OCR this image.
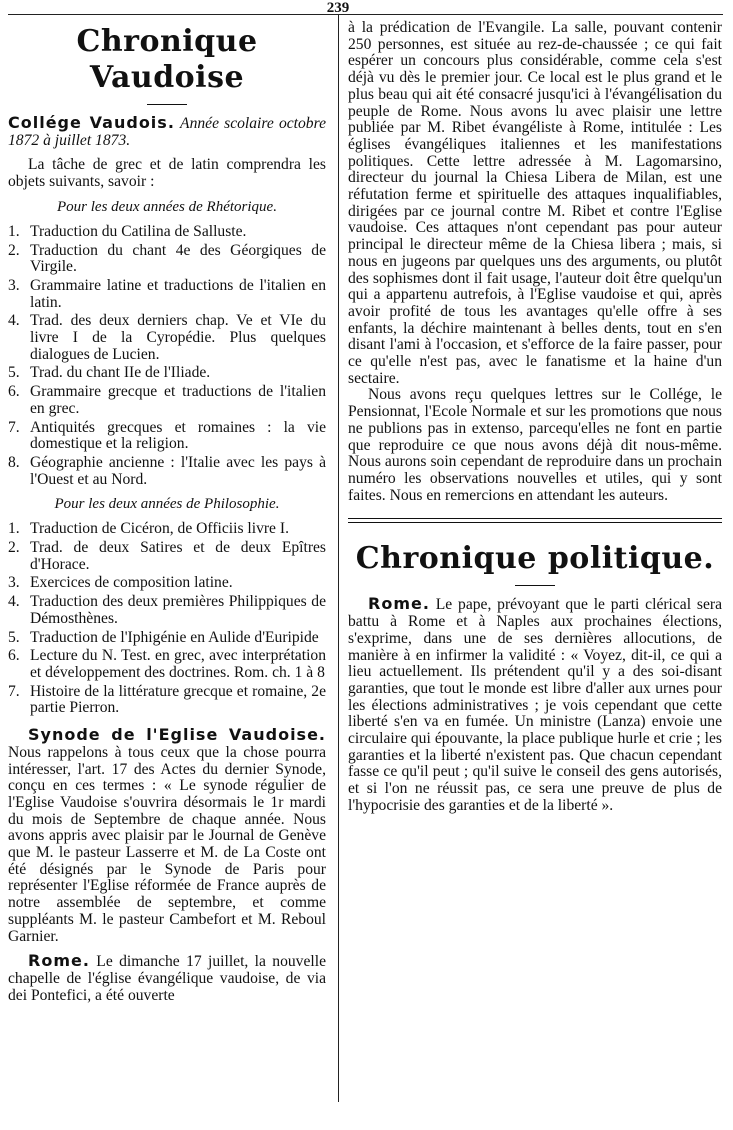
239
Chronique Vaudoise

Collége Vaudois. Année scolaire octobre 1872 à juillet 1873.

La tâche de grec et de latin comprendra les objets suivants, savoir :

Pour les deux années de Rhétorique.
1. Traduction du Catilina de Salluste.
2. Traduction du chant 4e des Géorgiques de Virgile.
3. Grammaire latine et traductions de l'italien en latin.
4. Trad. des deux derniers chap. Ve et VIe du livre I de la Cyropédie. Plus quelques dialogues de Lucien.
5. Trad. du chant IIe de l'Iliade.
6. Grammaire grecque et traductions de l'italien en grec.
7. Antiquités grecques et romaines : la vie domestique et la religion.
8. Géographie ancienne : l'Italie avec les pays à l'Ouest et au Nord.
Pour les deux années de Philosophie.
1. Traduction de Cicéron, de Officiis livre I.
2. Trad. de deux Satires et de deux Epîtres d'Horace.
3. Exercices de composition latine.
4. Traduction des deux premières Philippiques de Démosthènes.
5. Traduction de l'Iphigénie en Aulide d'Euripide
6. Lecture du N. Test. en grec, avec interprétation et développement des doctrines. Rom. ch. 1 à 8
7. Histoire de la littérature grecque et romaine, 2e partie Pierron.

Synode de l'Eglise Vaudoise. Nous rappelons à tous ceux que la chose pourra intéresser, l'art. 17 des Actes du dernier Synode, conçu en ces termes : « Le synode régulier de l'Eglise Vaudoise s'ouvrira désormais le 1r mardi du mois de Septembre de chaque année. Nous avons appris avec plaisir par le Journal de Genève que M. le pasteur Lasserre et M. de La Coste ont été désignés par le Synode de Paris pour représenter l'Eglise réformée de France auprès de notre assemblée de septembre, et comme suppléants M. le pasteur Cambefort et M. Reboul Garnier.

Rome. Le dimanche 17 juillet, la nouvelle chapelle de l'église évangélique vaudoise, de via dei Pontefici, a été ouverte

à la prédication de l'Evangile. La salle, pouvant contenir 250 personnes, est située au rez-de-chaussée ; ce qui fait espérer un concours plus considérable, comme cela s'est déjà vu dès le premier jour. Ce local est le plus grand et le plus beau qui ait été consacré jusqu'ici à l'évangélisation du peuple de Rome. Nous avons lu avec plaisir une lettre publiée par M. Ribet évangéliste à Rome, intitulée : Les églises évangéliques italiennes et les manifestations politiques. Cette lettre adressée à M. Lagomarsino, directeur du journal la Chiesa Libera de Milan, est une réfutation ferme et spirituelle des attaques inqualifiables, dirigées par ce journal contre M. Ribet et contre l'Eglise vaudoise. Ces attaques n'ont cependant pas pour auteur principal le directeur même de la Chiesa libera ; mais, si nous en jugeons par quelques uns des arguments, ou plutôt des sophismes dont il fait usage, l'auteur doit être quelqu'un qui a appartenu autrefois, à l'Eglise vaudoise et qui, après avoir profité de tous les avantages qu'elle offre à ses enfants, la déchire maintenant à belles dents, tout en s'en disant l'ami à l'occasion, et s'efforce de la faire passer, pour ce qu'elle n'est pas, avec le fanatisme et la haine d'un sectaire.

Nous avons reçu quelques lettres sur le Collége, le Pensionnat, l'Ecole Normale et sur les promotions que nous ne publions pas in extenso, parcequ'elles ne font en partie que reproduire ce que nous avons déjà dit nous-même. Nous aurons soin cependant de reproduire dans un prochain numéro les observations nouvelles et utiles, qui y sont faites. Nous en remercions en attendant les auteurs.

Chronique politique.

Rome. Le pape, prévoyant que le parti clérical sera battu à Rome et à Naples aux prochaines élections, s'exprime, dans une de ses dernières allocutions, de manière à en infirmer la validité : « Voyez, dit-il, ce qui a lieu actuellement. Ils prétendent qu'il y a des soi-disant garanties, que tout le monde est libre d'aller aux urnes pour les élections administratives ; je vois cependant que cette liberté s'en va en fumée. Un ministre (Lanza) envoie une circulaire qui épouvante, la place publique hurle et crie ; les garanties et la liberté n'existent pas. Que chacun cependant fasse ce qu'il peut ; qu'il suive le conseil des gens autorisés, et si l'on ne réussit pas, ce sera une preuve de plus de l'hypocrisie des garanties et de la liberté ».
